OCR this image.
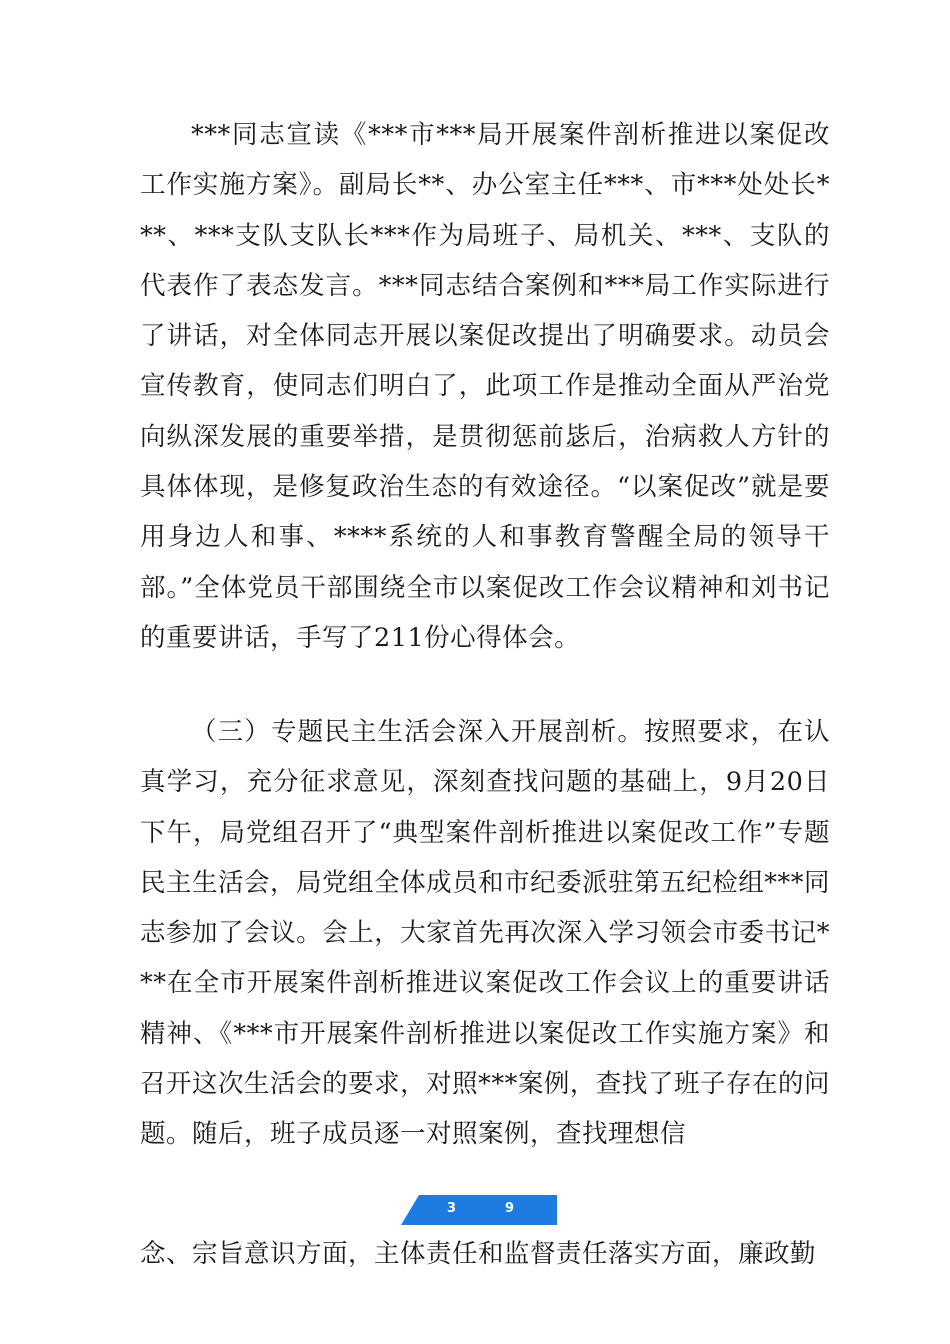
***同志宣读《***市***局开展案件剖析推进以案促改工作实施方案》。副局长**、办公室主任***、市***处处长***、***支队支队长***作为局班子、局机关、***、支队的代表作了表态发言。***同志结合案例和***局工作实际进行了讲话，对全体同志开展以案促改提出了明确要求。动员会宣传教育，使同志们明白了，此项工作是推动全面从严治党向纵深发展的重要举措，是贯彻惩前毖后，治病救人方针的具体体现，是修复政治生态的有效途径。“以案促改”就是要用身边人和事、****系统的人和事教育警醒全局的领导干部。”全体党员干部围绕全市以案促改工作会议精神和刘书记的重要讲话，手写了211份心得体会。

（三）专题民主生活会深入开展剖析。按照要求，在认真学习，充分征求意见，深刻查找问题的基础上，9月20日下午，局党组召开了“典型案件剖析推进以案促改工作”专题民主生活会，局党组全体成员和市纪委派驻第五纪检组***同志参加了会议。会上，大家首先再次深入学习领会市委书记***在全市开展案件剖析推进议案促改工作会议上的重要讲话精神、《***市开展案件剖析推进以案促改工作实施方案》和召开这次生活会的要求，对照***案例，查找了班子存在的问题。随后，班子成员逐一对照案例，查找理想信

3	9

念、宗旨意识方面，主体责任和监督责任落实方面，廉政勤
